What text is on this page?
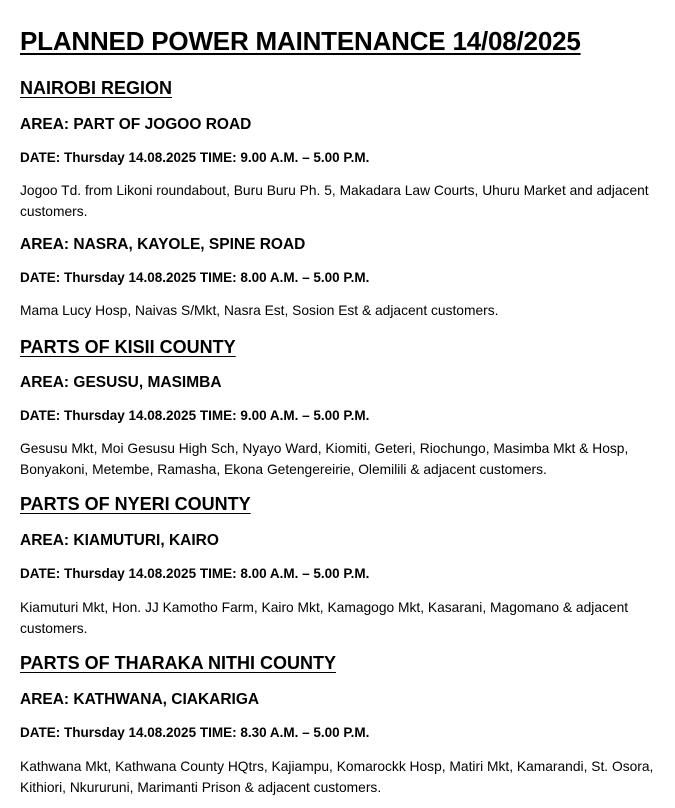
PLANNED POWER MAINTENANCE 14/08/2025
NAIROBI REGION
AREA: PART OF JOGOO ROAD
DATE: Thursday 14.08.2025 TIME: 9.00 A.M. – 5.00 P.M.
Jogoo Td. from Likoni roundabout, Buru Buru Ph. 5, Makadara Law Courts, Uhuru Market and adjacent customers.
AREA: NASRA, KAYOLE, SPINE ROAD
DATE: Thursday 14.08.2025 TIME: 8.00 A.M. – 5.00 P.M.
Mama Lucy Hosp, Naivas S/Mkt, Nasra Est, Sosion Est & adjacent customers.
PARTS OF KISII COUNTY
AREA: GESUSU, MASIMBA
DATE: Thursday 14.08.2025 TIME: 9.00 A.M. – 5.00 P.M.
Gesusu Mkt, Moi Gesusu High Sch, Nyayo Ward, Kiomiti, Geteri, Riochungo, Masimba Mkt & Hosp, Bonyakoni, Metembe, Ramasha, Ekona Getengereirie, Olemilili & adjacent customers.
PARTS OF NYERI COUNTY
AREA: KIAMUTURI, KAIRO
DATE: Thursday 14.08.2025 TIME: 8.00 A.M. – 5.00 P.M.
Kiamuturi Mkt, Hon. JJ Kamotho Farm, Kairo Mkt, Kamagogo Mkt, Kasarani, Magomano & adjacent customers.
PARTS OF THARAKA NITHI COUNTY
AREA: KATHWANA, CIAKARIGA
DATE: Thursday 14.08.2025 TIME: 8.30 A.M. – 5.00 P.M.
Kathwana Mkt, Kathwana County HQtrs, Kajiampu, Komarockk Hosp, Matiri Mkt, Kamarandi, St. Osora, Kithiori, Nkururuni, Marimanti Prison & adjacent customers.
